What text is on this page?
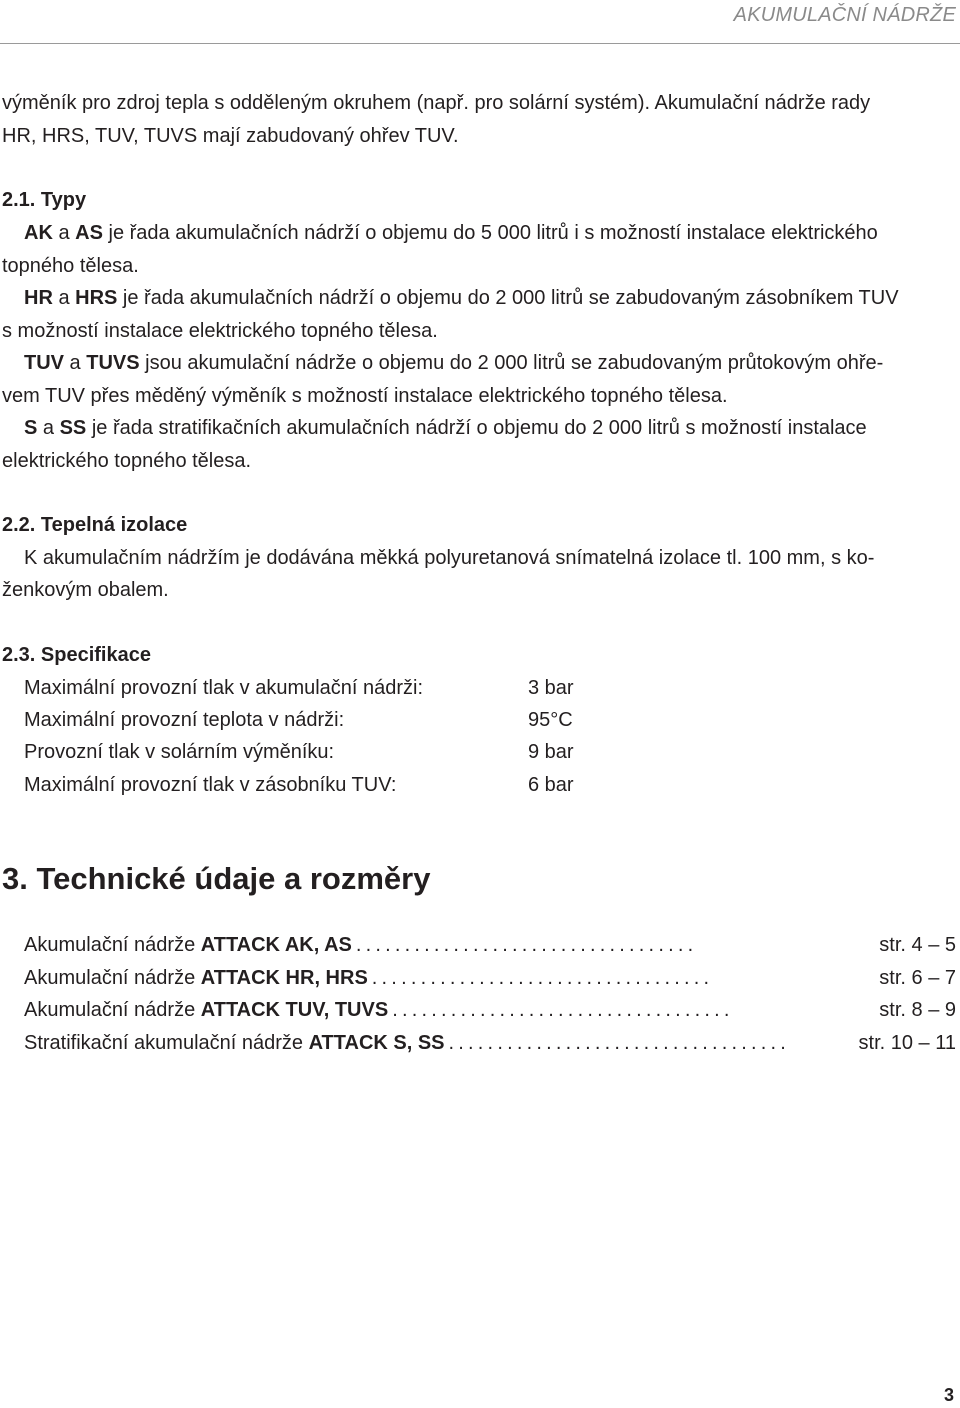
AKUMULAČNÍ NÁDRŽE
výměník pro zdroj tepla s odděleným okruhem (např. pro solární systém). Akumulační nádrže rady
HR, HRS, TUV, TUVS mají zabudovaný ohřev TUV.
2.1. Typy
AK a AS je řada akumulačních nádrží o objemu do 5 000 litrů i s možností instalace elektrického
topného tělesa.
HR a HRS je řada akumulačních nádrží o objemu do 2 000 litrů se zabudovaným zásobníkem TUV
s možností instalace elektrického topného tělesa.
TUV a TUVS jsou akumulační nádrže o objemu do 2 000 litrů se zabudovaným průtokovým ohře-
vem TUV přes měděný výměník s možností instalace elektrického topného tělesa.
S a SS je řada stratifikačních akumulačních nádrží o objemu do 2 000 litrů s možností instalace
elektrického topného tělesa.
2.2. Tepelná izolace
K akumulačním nádržím je dodávána měkká polyuretanová snímatelná izolace tl. 100 mm, s ko-
ženkovým obalem.
2.3. Specifikace
Maximální provozní tlak v akumulační nádrži:	3 bar
Maximální provozní teplota v nádrži:	95°C
Provozní tlak v solárním výměníku:	9 bar
Maximální provozní tlak v zásobníku TUV:	6 bar
3. Technické údaje a rozměry
Akumulační nádrže ATTACK AK, AS ...................................	str. 4 – 5
Akumulační nádrže ATTACK HR, HRS ...................................	str. 6 – 7
Akumulační nádrže ATTACK TUV, TUVS ...................................	str. 8 – 9
Stratifikační akumulační nádrže ATTACK S, SS ...................................	str. 10 – 11
3
